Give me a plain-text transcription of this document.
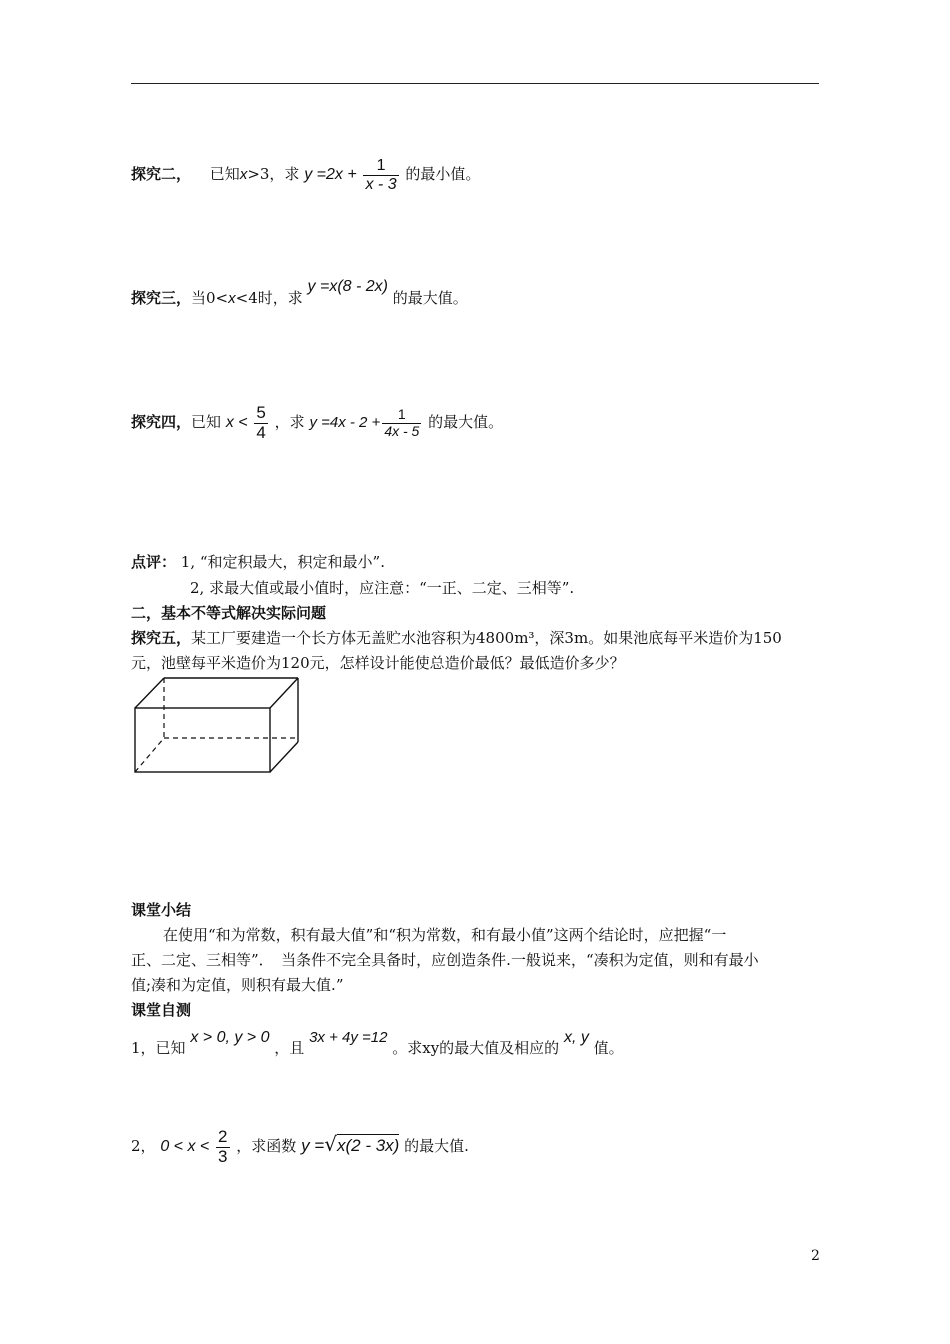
探究二， 已知x>3，求 $y =2x + \frac{1}{x - 3}$ 的最小值。
探究三，当0<x<4时，求 y =x(8 - 2x) 的最大值。
探究四，已知 $x < \frac{5}{4}$ ，求 $y =4x - 2 + \frac{1}{4x - 5}$ 的最大值。
点评： 1, “和定积最大，积定和最小”.
2, 求最大值或最小值时，应注意：“一正、二定、三相等”.
二，基本不等式解决实际问题
探究五，某工厂要建造一个长方体无盖贮水池容积为4800m³，深3m。如果池底每平米造价为150
元，池壁每平米造价为120元，怎样设计能使总造价最低？最低造价多少？
课堂小结
在使用“和为常数，积有最大值”和“积为常数，和有最小值”这两个结论时，应把握“一
正、二定、三相等”．　当条件不完全具备时，应创造条件.一般说来，“凑积为定值，则和有最小
值;凑和为定值，则积有最大值.”
课堂自测
1，已知 x > 0, y > 0 ，且 3x + 4y =12 。求xy的最大值及相应的 x, y 值。
2， $0 < x < \frac{2}{3}$ ，求函数 y =√x(2 - 3x) 的最大值.
2
